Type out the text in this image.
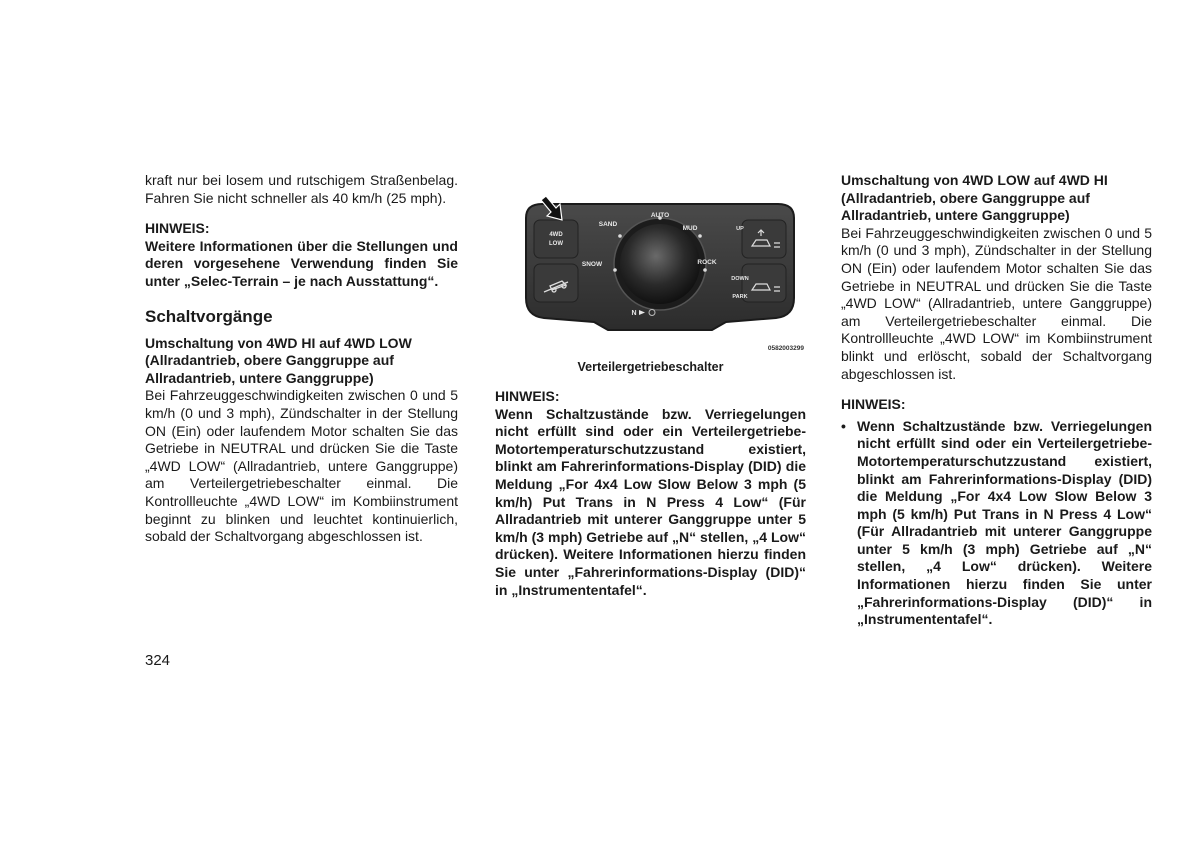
kraft nur bei losem und rutschigem Straßenbelag. Fahren Sie nicht schneller als 40 km/h (25 mph).

HINWEIS:

Weitere Informationen über die Stellungen und deren vorgesehene Verwendung finden Sie unter „Selec-Terrain – je nach Ausstattung“.

Schaltvorgänge

Umschaltung von 4WD HI auf 4WD LOW (Allradantrieb, obere Ganggruppe auf Allradantrieb, untere Ganggruppe)

Bei Fahrzeuggeschwindigkeiten zwischen 0 und 5 km/h (0 und 3 mph), Zündschalter in der Stellung ON (Ein) oder laufendem Motor schalten Sie das Getriebe in NEUTRAL und drücken Sie die Taste „4WD LOW“ (Allradantrieb, untere Ganggruppe) am Verteilergetriebeschalter einmal. Die Kontrollleuchte „4WD LOW“ im Kombiinstrument beginnt zu blinken und leuchtet kontinuierlich, sobald der Schaltvorgang abgeschlossen ist.

AUTO
SAND
MUD
SNOW	ROCK
4WD
LOW
UP
DOWN
PARK
N
0582003299
Verteilergetriebeschalter

HINWEIS:

Wenn Schaltzustände bzw. Verriegelungen nicht erfüllt sind oder ein Verteilergetriebe-Motortemperaturschutzzustand existiert, blinkt am Fahrerinformations-Display (DID) die Meldung „For 4x4 Low Slow Below 3 mph (5 km/h) Put Trans in N Press 4 Low“ (Für Allradantrieb mit unterer Ganggruppe unter 5 km/h (3 mph) Getriebe auf „N“ stellen, „4 Low“ drücken). Weitere Informationen hierzu finden Sie unter „Fahrerinformations-Display (DID)“ in „Instrumententafel“.

Umschaltung von 4WD LOW auf 4WD HI (Allradantrieb, obere Ganggruppe auf Allradantrieb, untere Ganggruppe)

Bei Fahrzeuggeschwindigkeiten zwischen 0 und 5 km/h (0 und 3 mph), Zündschalter in der Stellung ON (Ein) oder laufendem Motor schalten Sie das Getriebe in NEUTRAL und drücken Sie die Taste „4WD LOW“ (Allradantrieb, untere Ganggruppe) am Verteilergetriebeschalter einmal. Die Kontrollleuchte „4WD LOW“ im Kombiinstrument blinkt und erlöscht, sobald der Schaltvorgang abgeschlossen ist.

HINWEIS:

• Wenn Schaltzustände bzw. Verriegelungen nicht erfüllt sind oder ein Verteilergetriebe-Motortemperaturschutzzustand existiert, blinkt am Fahrerinformations-Display (DID) die Meldung „For 4x4 Low Slow Below 3 mph (5 km/h) Put Trans in N Press 4 Low“ (Für Allradantrieb mit unterer Ganggruppe unter 5 km/h (3 mph) Getriebe auf „N“ stellen, „4 Low“ drücken). Weitere Informationen hierzu finden Sie unter „Fahrerinformations-Display (DID)“ in „Instrumententafel“.

324
